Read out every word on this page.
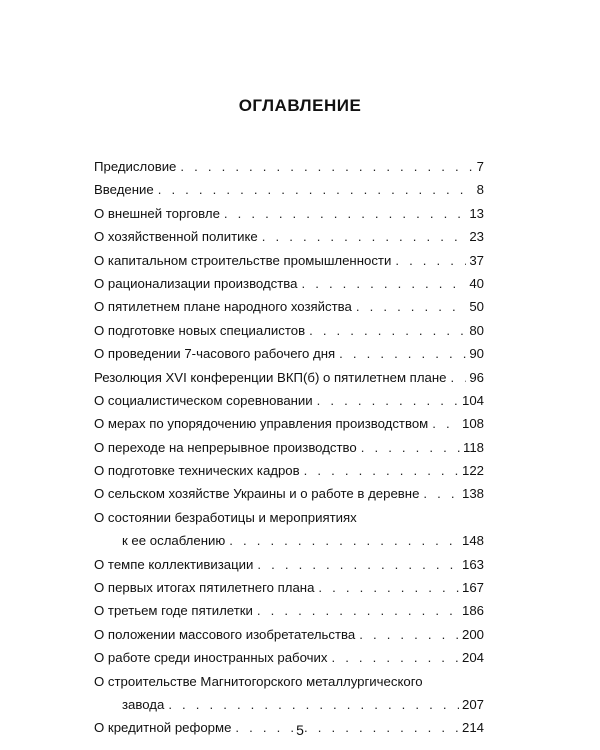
ОГЛАВЛЕНИЕ
Предисловие . . .	7
Введение . . .	8
О внешней торговле . . .	13
О хозяйственной политике . . .	23
О капитальном строительстве промышленности . . .	37
О рационализации производства . . .	40
О пятилетнем плане народного хозяйства . . .	50
О подготовке новых специалистов . . .	80
О проведении 7-часового рабочего дня . . .	90
Резолюция XVI конференции ВКП(б) о пятилетнем плане . . . 96
О социалистическом соревновании . . .	104
О мерах по упорядочению управления производством . . .	108
О переходе на непрерывное производство . . .	118
О подготовке технических кадров . . .	122
О сельском хозяйстве Украины и о работе в деревне . . .	138
О состоянии безработицы и мероприятиях
к ее ослаблению . . .	148
О темпе коллективизации . . .	163
О первых итогах пятилетнего плана . . .	167
О третьем годе пятилетки . . .	186
О положении массового изобретательства . . .	200
О работе среди иностранных рабочих . . .	204
О строительстве Магнитогорского металлургического
завода . . .	207
О кредитной реформе . . .	214
5
